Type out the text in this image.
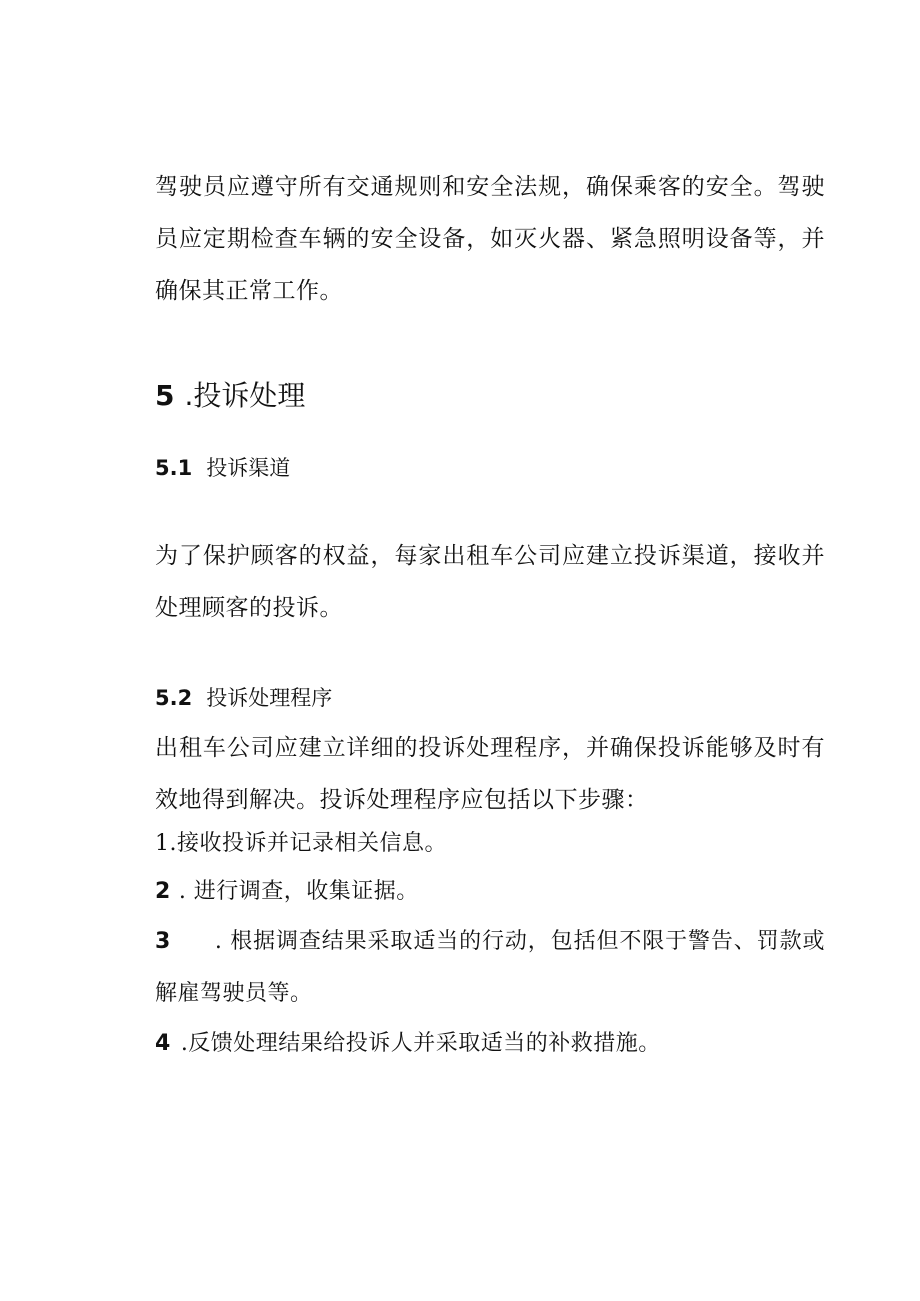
驾驶员应遵守所有交通规则和安全法规，确保乘客的安全。驾驶员应定期检查车辆的安全设备，如灭火器、紧急照明设备等，并确保其正常工作。

5 .投诉处理
5.1 投诉渠道

为了保护顾客的权益，每家出租车公司应建立投诉渠道，接收并处理顾客的投诉。

5.2 投诉处理程序

出租车公司应建立详细的投诉处理程序，并确保投诉能够及时有效地得到解决。投诉处理程序应包括以下步骤：

1.接收投诉并记录相关信息。

2 . 进行调查，收集证据。

3 . 根据调查结果采取适当的行动，包括但不限于警告、罚款或解雇驾驶员等。

4 .反馈处理结果给投诉人并采取适当的补救措施。
